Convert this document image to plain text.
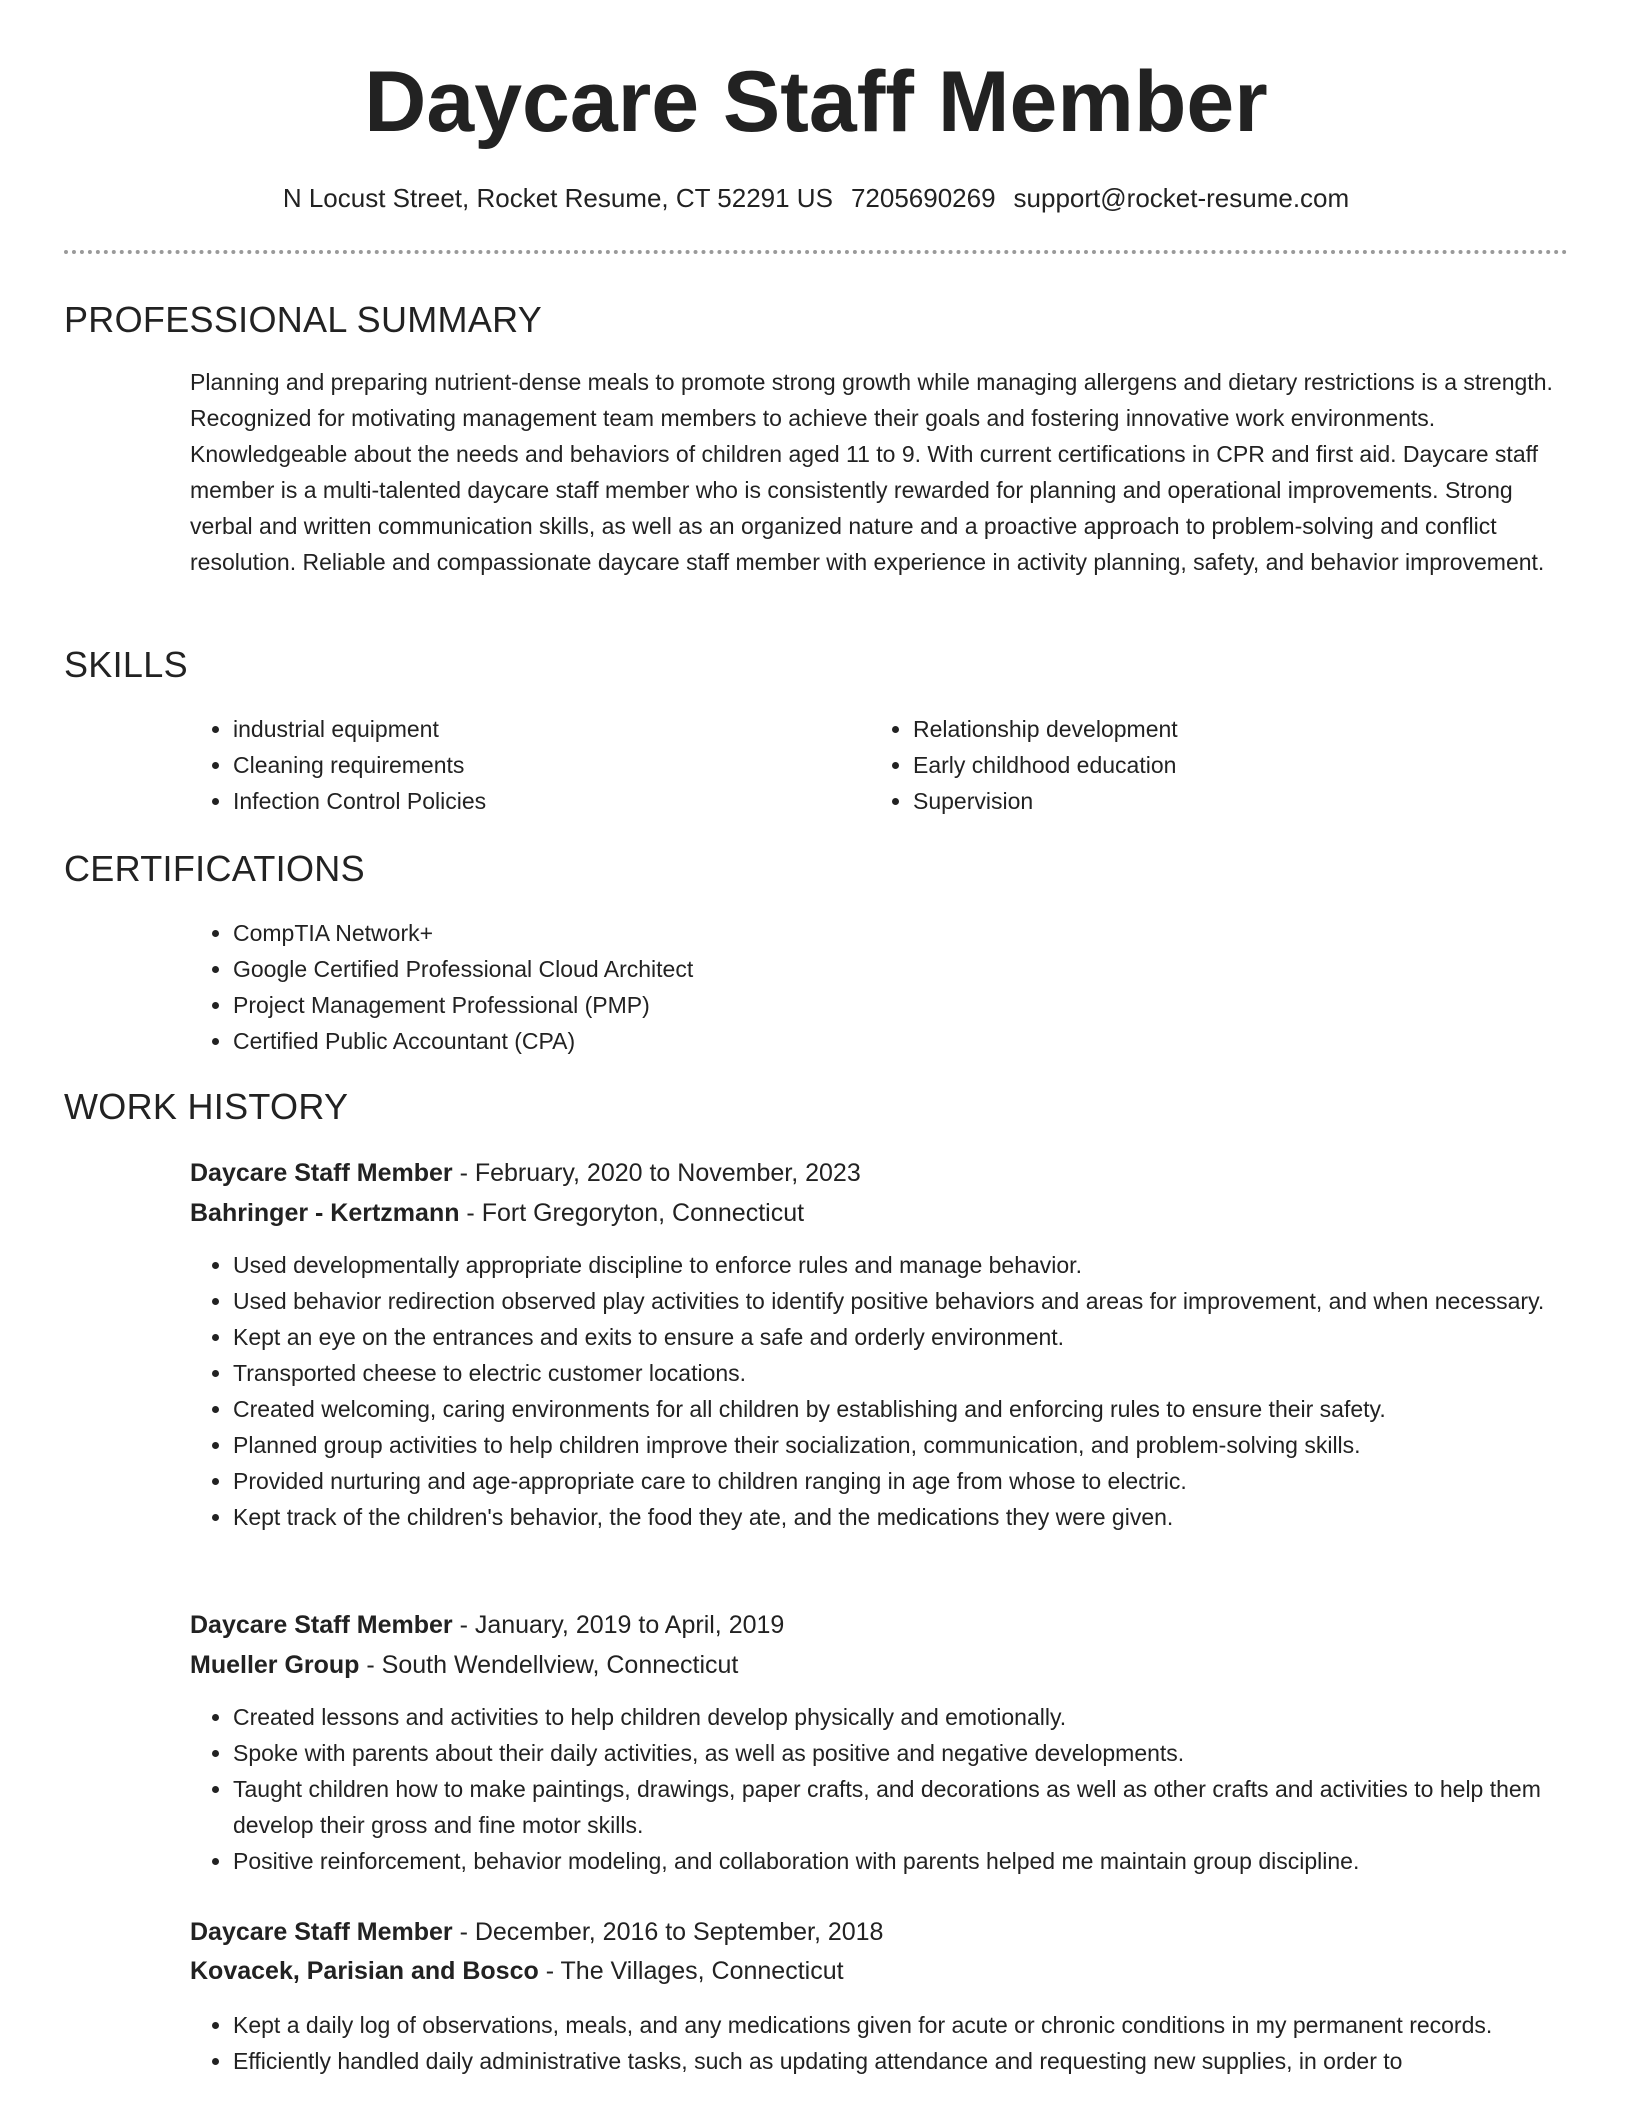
Daycare Staff Member
N Locust Street, Rocket Resume, CT 52291 US 7205690269 support@rocket-resume.com
PROFESSIONAL SUMMARY

Planning and preparing nutrient-dense meals to promote strong growth while managing allergens and dietary restrictions is a strength. Recognized for motivating management team members to achieve their goals and fostering innovative work environments. Knowledgeable about the needs and behaviors of children aged 11 to 9. With current certifications in CPR and first aid. Daycare staff member is a multi-talented daycare staff member who is consistently rewarded for planning and operational improvements. Strong verbal and written communication skills, as well as an organized nature and a proactive approach to problem-solving and conflict resolution. Reliable and compassionate daycare staff member with experience in activity planning, safety, and behavior improvement.

SKILLS
• industrial equipment
• Cleaning requirements
• Infection Control Policies
• Relationship development
• Early childhood education
• Supervision
CERTIFICATIONS
• CompTIA Network+
• Google Certified Professional Cloud Architect
• Project Management Professional (PMP)
• Certified Public Accountant (CPA)
WORK HISTORY
Daycare Staff Member - February, 2020 to November, 2023
Bahringer - Kertzmann - Fort Gregoryton, Connecticut
• Used developmentally appropriate discipline to enforce rules and manage behavior.
• Used behavior redirection observed play activities to identify positive behaviors and areas for improvement, and when necessary.
• Kept an eye on the entrances and exits to ensure a safe and orderly environment.
• Transported cheese to electric customer locations.
• Created welcoming, caring environments for all children by establishing and enforcing rules to ensure their safety.
• Planned group activities to help children improve their socialization, communication, and problem-solving skills.
• Provided nurturing and age-appropriate care to children ranging in age from whose to electric.
• Kept track of the children's behavior, the food they ate, and the medications they were given.
Daycare Staff Member - January, 2019 to April, 2019
Mueller Group - South Wendellview, Connecticut
• Created lessons and activities to help children develop physically and emotionally.
• Spoke with parents about their daily activities, as well as positive and negative developments.
• Taught children how to make paintings, drawings, paper crafts, and decorations as well as other crafts and activities to help them develop their gross and fine motor skills.
• Positive reinforcement, behavior modeling, and collaboration with parents helped me maintain group discipline.
Daycare Staff Member - December, 2016 to September, 2018
Kovacek, Parisian and Bosco - The Villages, Connecticut
• Kept a daily log of observations, meals, and any medications given for acute or chronic conditions in my permanent records.
• Efficiently handled daily administrative tasks, such as updating attendance and requesting new supplies, in order to
